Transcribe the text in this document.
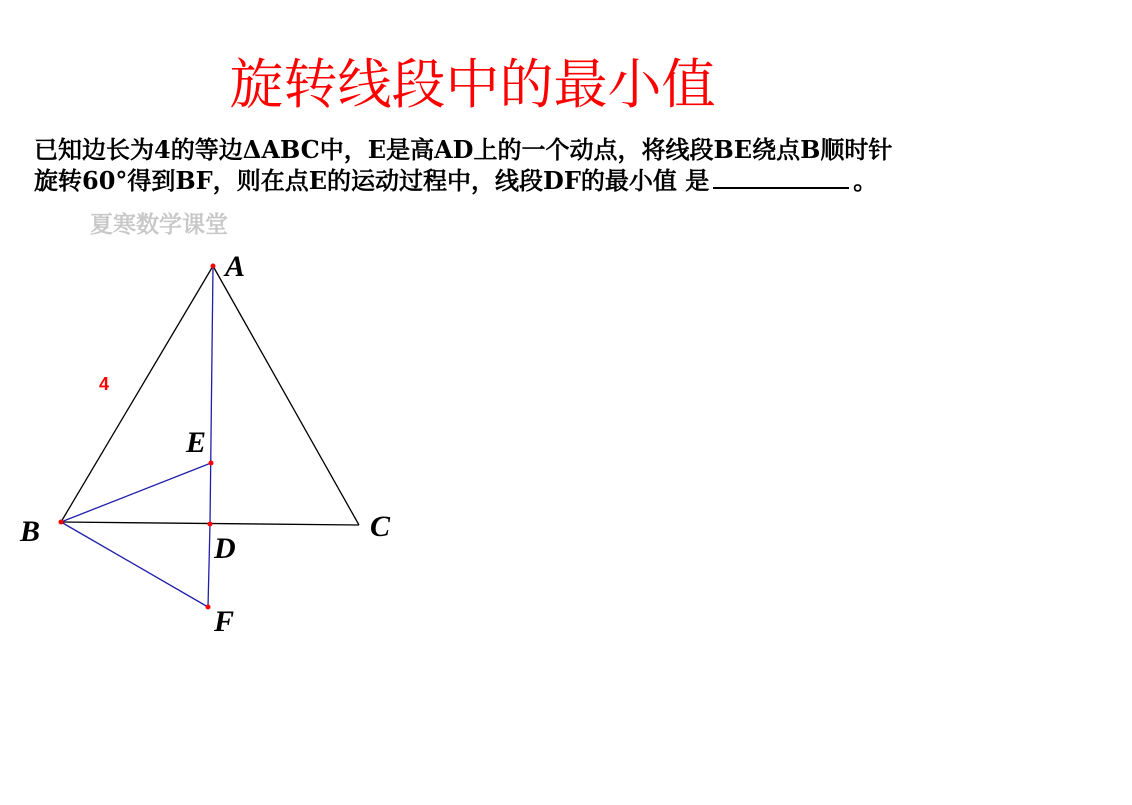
旋转线段中的最小值
已知边长为4的等边ΔABC中，E是高AD上的一个动点，将线段BE绕点B顺时针
旋转60°得到BF，则在点E的运动过程中，线段DF的最小值 是	。
夏寒数学课堂
A
B	C
D
E
F
4
